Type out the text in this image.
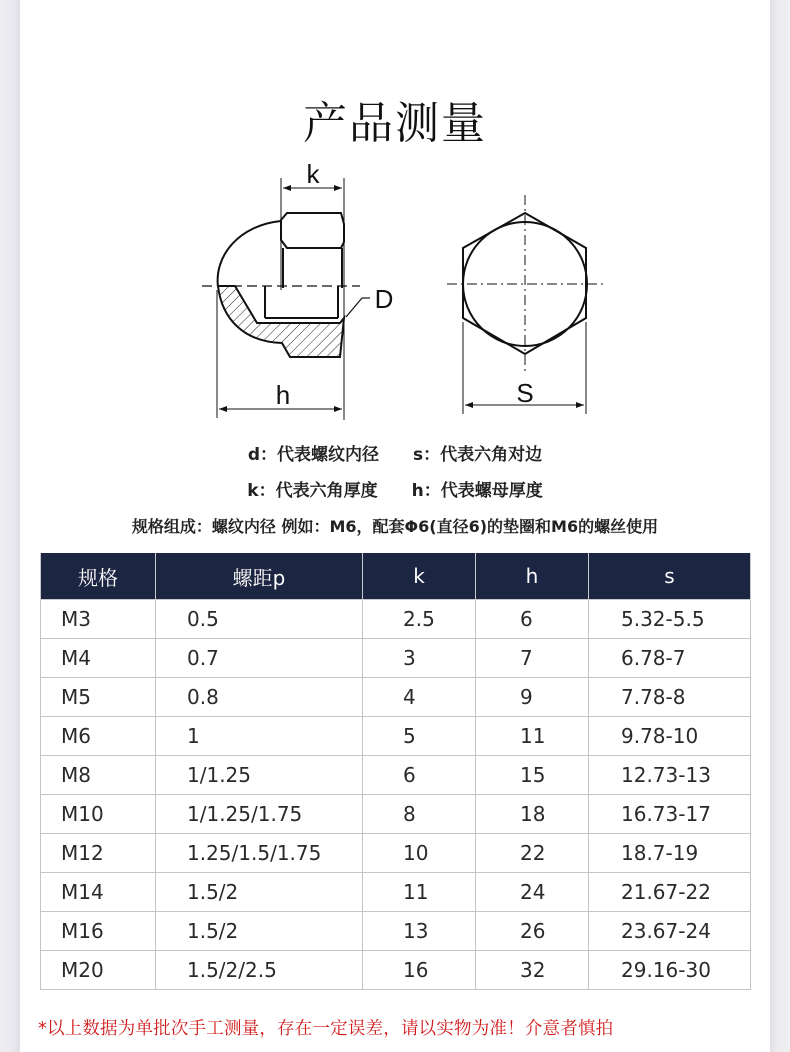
产品测量
k
D
h	S
d：代表螺纹内径 s：代表六角对边
k：代表六角厚度 h：代表螺母厚度
规格组成：螺纹内径 例如：M6，配套Φ6(直径6)的垫圈和M6的螺丝使用
规格	螺距p	k	h	s
M3	0.5	2.5	6	5.32-5.5
M4	0.7	3	7	6.78-7
M5	0.8	4	9	7.78-8
M6	1	5	11	9.78-10
M8	1/1.25	6	15	12.73-13
M10	1/1.25/1.75	8	18	16.73-17
M12	1.25/1.5/1.75	10	22	18.7-19
M14	1.5/2	11	24	21.67-22
M16	1.5/2	13	26	23.67-24
M20	1.5/2/2.5	16	32	29.16-30
*以上数据为单批次手工测量，存在一定误差，请以实物为准！介意者慎拍
